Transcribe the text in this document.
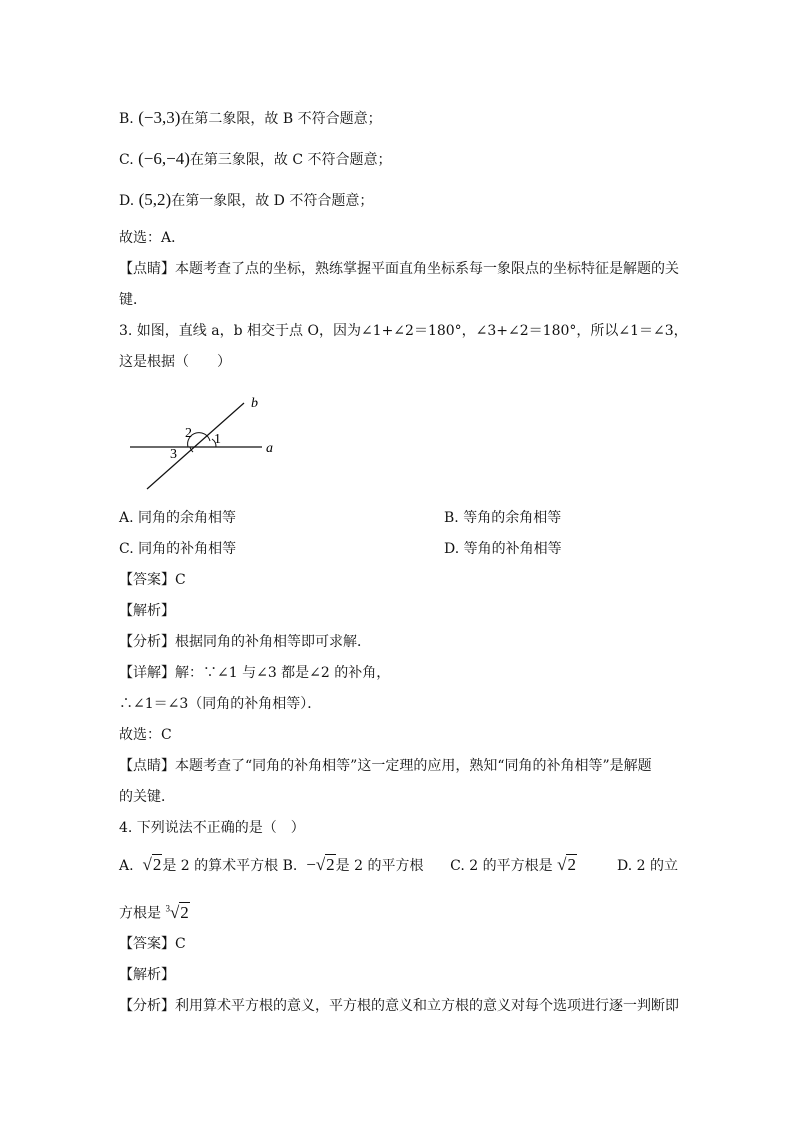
B. (−3,3)在第二象限，故 B 不符合题意；
C. (−6,−4)在第三象限，故 C 不符合题意；
D. (5,2)在第一象限，故 D 不符合题意；
故选：A．
【点睛】本题考查了点的坐标，熟练掌握平面直角坐标系每一象限点的坐标特征是解题的关
键．
3. 如图，直线 a，b 相交于点 O，因为∠1+∠2＝180°，∠3+∠2＝180°，所以∠1＝∠3，
这是根据（　　）
b
a
2 1
3
A. 同角的余角相等	B. 等角的余角相等
C. 同角的补角相等	D. 等角的补角相等
【答案】C
【解析】
【分析】根据同角的补角相等即可求解．
【详解】解：∵∠1 与∠3 都是∠2 的补角，
∴∠1＝∠3（同角的补角相等）．
故选：C
【点睛】本题考查了“同角的补角相等”这一定理的应用，熟知“同角的补角相等”是解题
的关键．
4. 下列说法不正确的是（　）
A. √2是 2 的算术平方根 B. −√2是 2 的平方根 C. 2 的平方根是 √2	D. 2 的立
方根是 $^3$√2
【答案】C
【解析】
【分析】利用算术平方根的意义，平方根的意义和立方根的意义对每个选项进行逐一判断即
